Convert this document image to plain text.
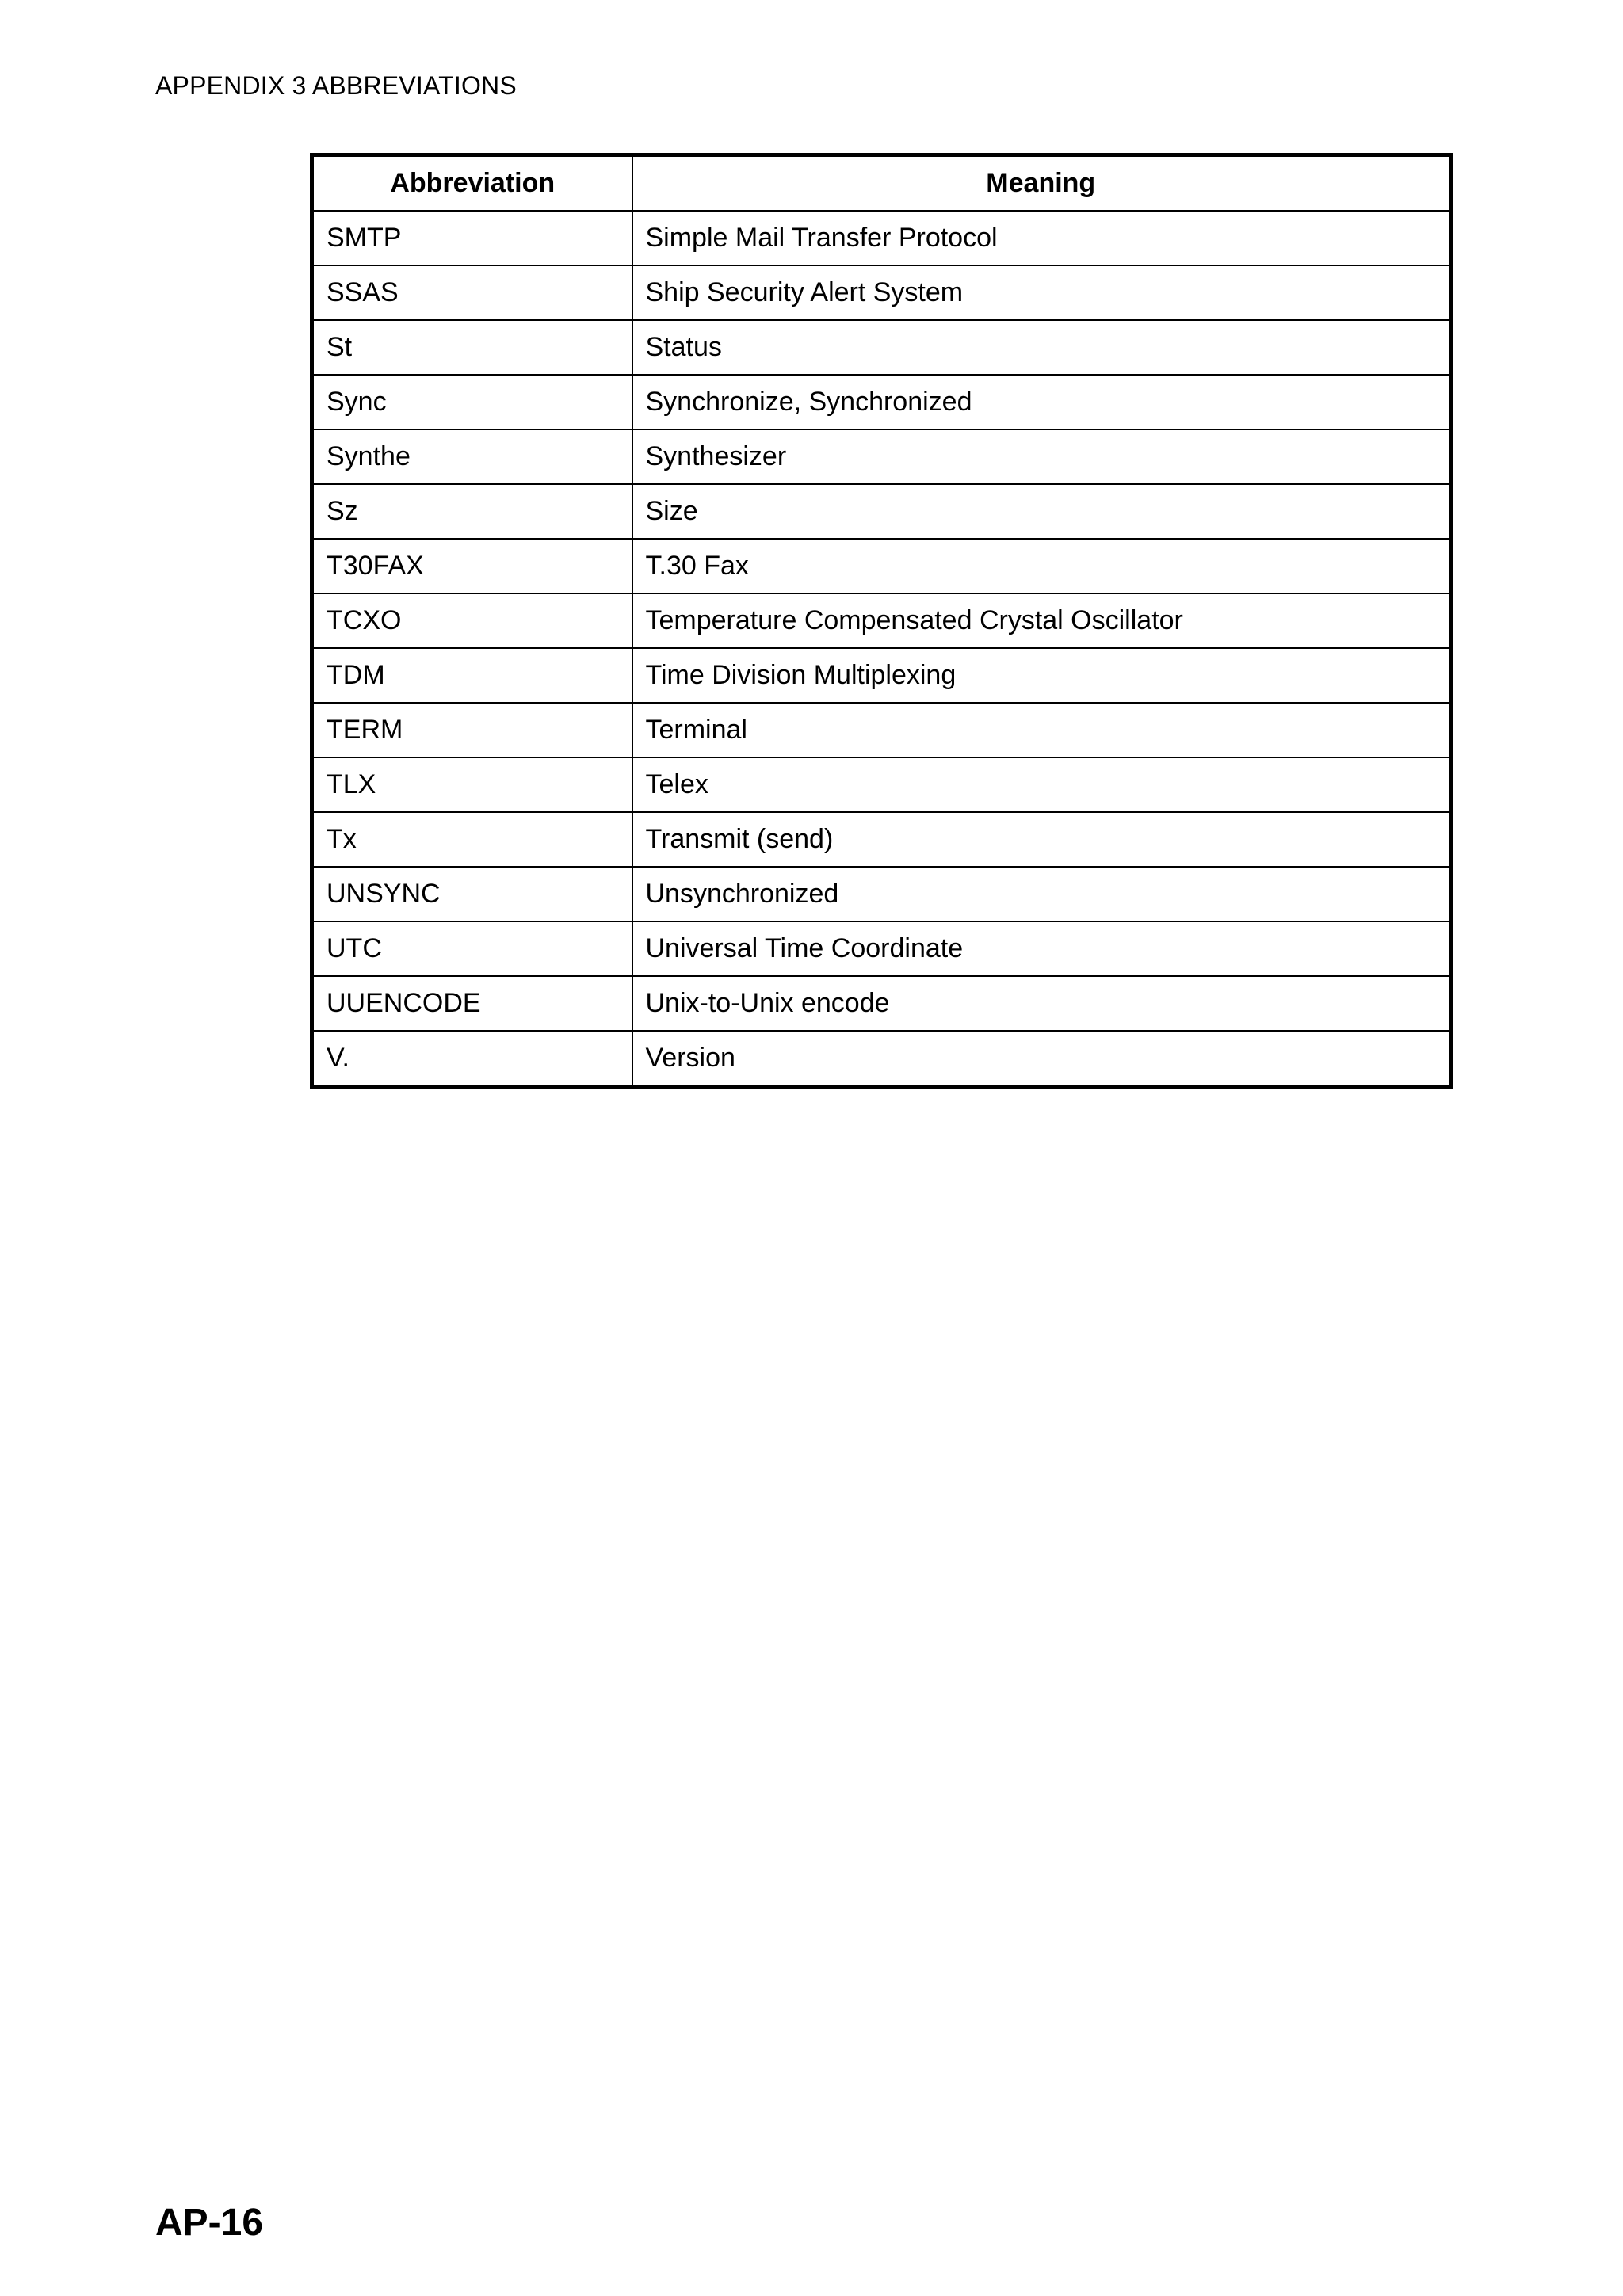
APPENDIX 3 ABBREVIATIONS
Abbreviation	Meaning
SMTP	Simple Mail Transfer Protocol
SSAS	Ship Security Alert System
St	Status
Sync	Synchronize, Synchronized
Synthe	Synthesizer
Sz	Size
T30FAX	T.30 Fax
TCXO	Temperature Compensated Crystal Oscillator
TDM	Time Division Multiplexing
TERM	Terminal
TLX	Telex
Tx	Transmit (send)
UNSYNC	Unsynchronized
UTC	Universal Time Coordinate
UUENCODE	Unix-to-Unix encode
V.	Version
AP-16
